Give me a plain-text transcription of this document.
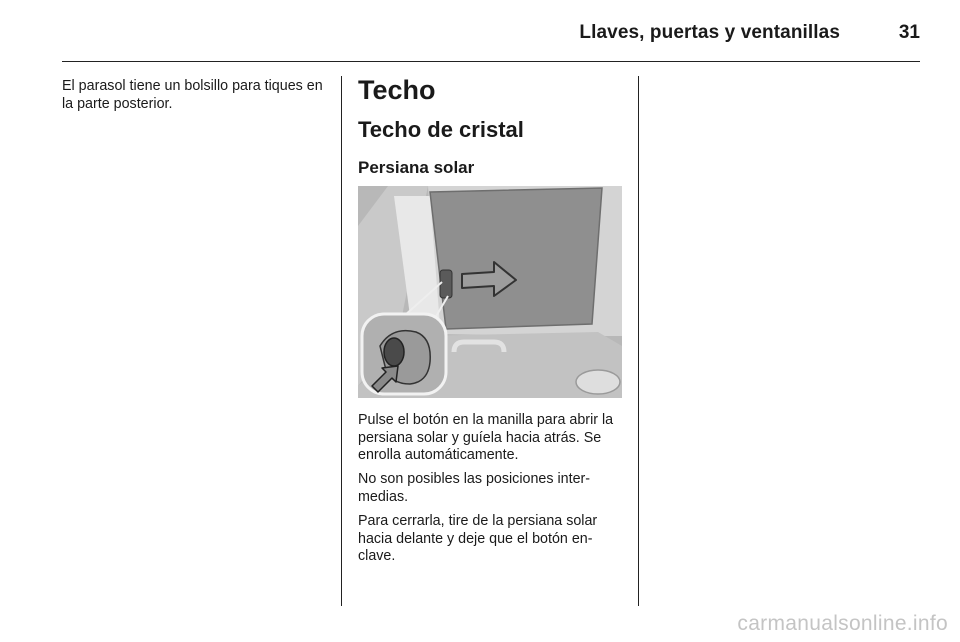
Llaves, puertas y ventanillas	31
El parasol tiene un bolsillo para tiques en la parte posterior.	Techo
Techo de cristal
Persiana solar

Pulse el botón en la manilla para abrir la persiana solar y guíela hacia atrás. Se enrolla automáticamente.

No son posibles las posiciones inter-medias.

Para cerrarla, tire de la persiana solar hacia delante y deje que el botón en-clave.

carmanualsonline.info
